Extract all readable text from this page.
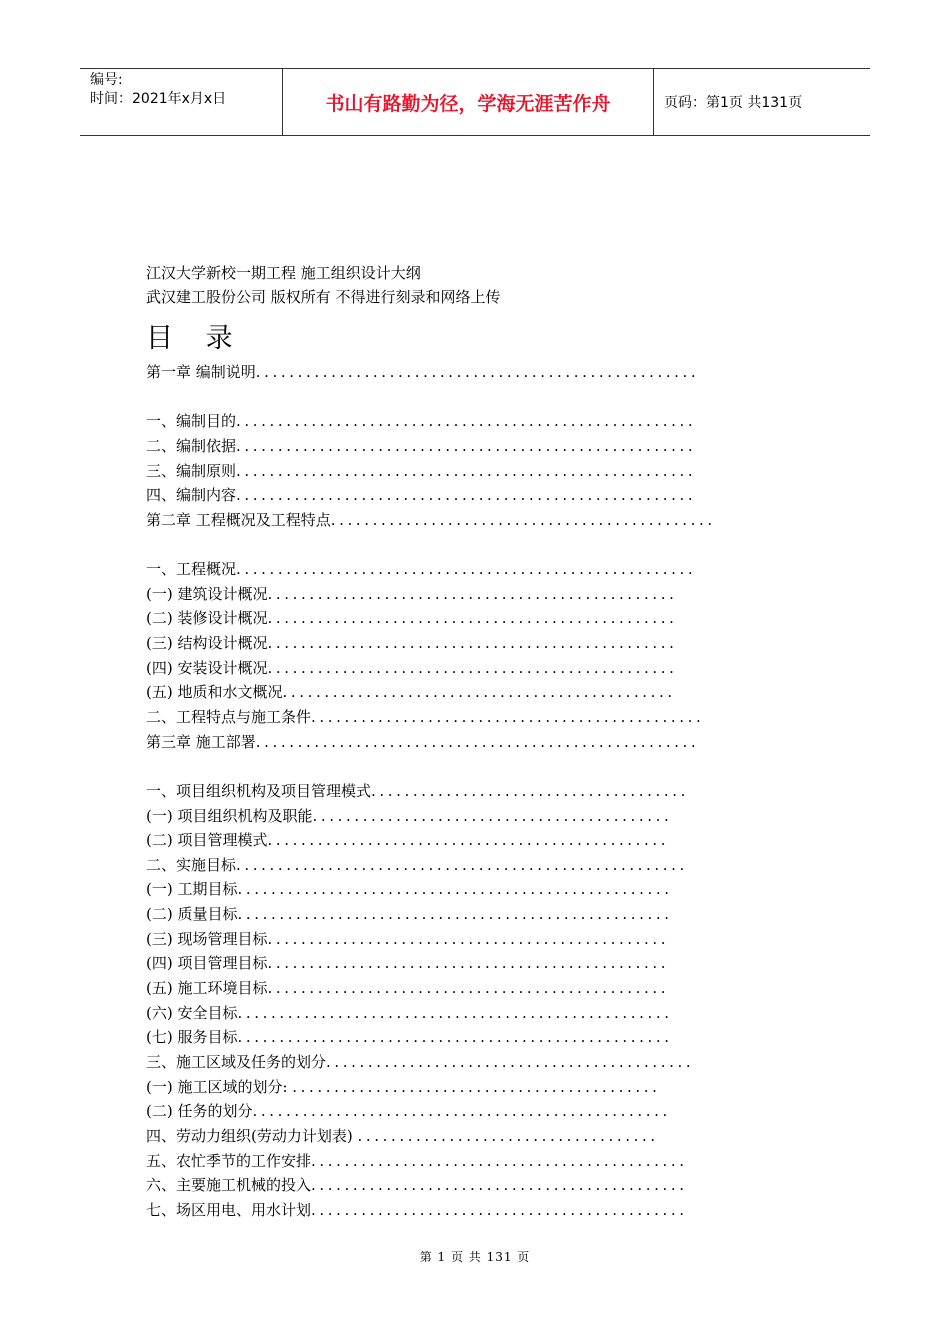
编号:
时间：2021年x月x日	书山有路勤为径，学海无涯苦作舟	页码：第1页 共131页
江汉大学新校一期工程 施工组织设计大纲
武汉建工股份公司 版权所有 不得进行刻录和网络上传
目 录
第一章 编制说明.....................................................
一、编制目的.......................................................
二、编制依据.......................................................
三、编制原则.......................................................
四、编制内容.......................................................
第二章 工程概况及工程特点..............................................
一、工程概况.......................................................
(一) 建筑设计概况.................................................
(二) 装修设计概况.................................................
(三) 结构设计概况.................................................
(四) 安装设计概况.................................................
(五) 地质和水文概况...............................................
二、工程特点与施工条件...............................................
第三章 施工部署.....................................................
一、项目组织机构及项目管理模式......................................
(一) 项目组织机构及职能...........................................
(二) 项目管理模式................................................
二、实施目标......................................................
(一) 工期目标....................................................
(二) 质量目标....................................................
(三) 现场管理目标................................................
(四) 项目管理目标................................................
(五) 施工环境目标................................................
(六) 安全目标....................................................
(七) 服务目标....................................................
三、施工区域及任务的划分............................................
(一) 施工区域的划分: ............................................
(二) 任务的划分..................................................
四、劳动力组织(劳动力计划表) ....................................
五、农忙季节的工作安排.............................................
六、主要施工机械的投入.............................................
七、场区用电、用水计划.............................................
第 1 页 共 131 页
